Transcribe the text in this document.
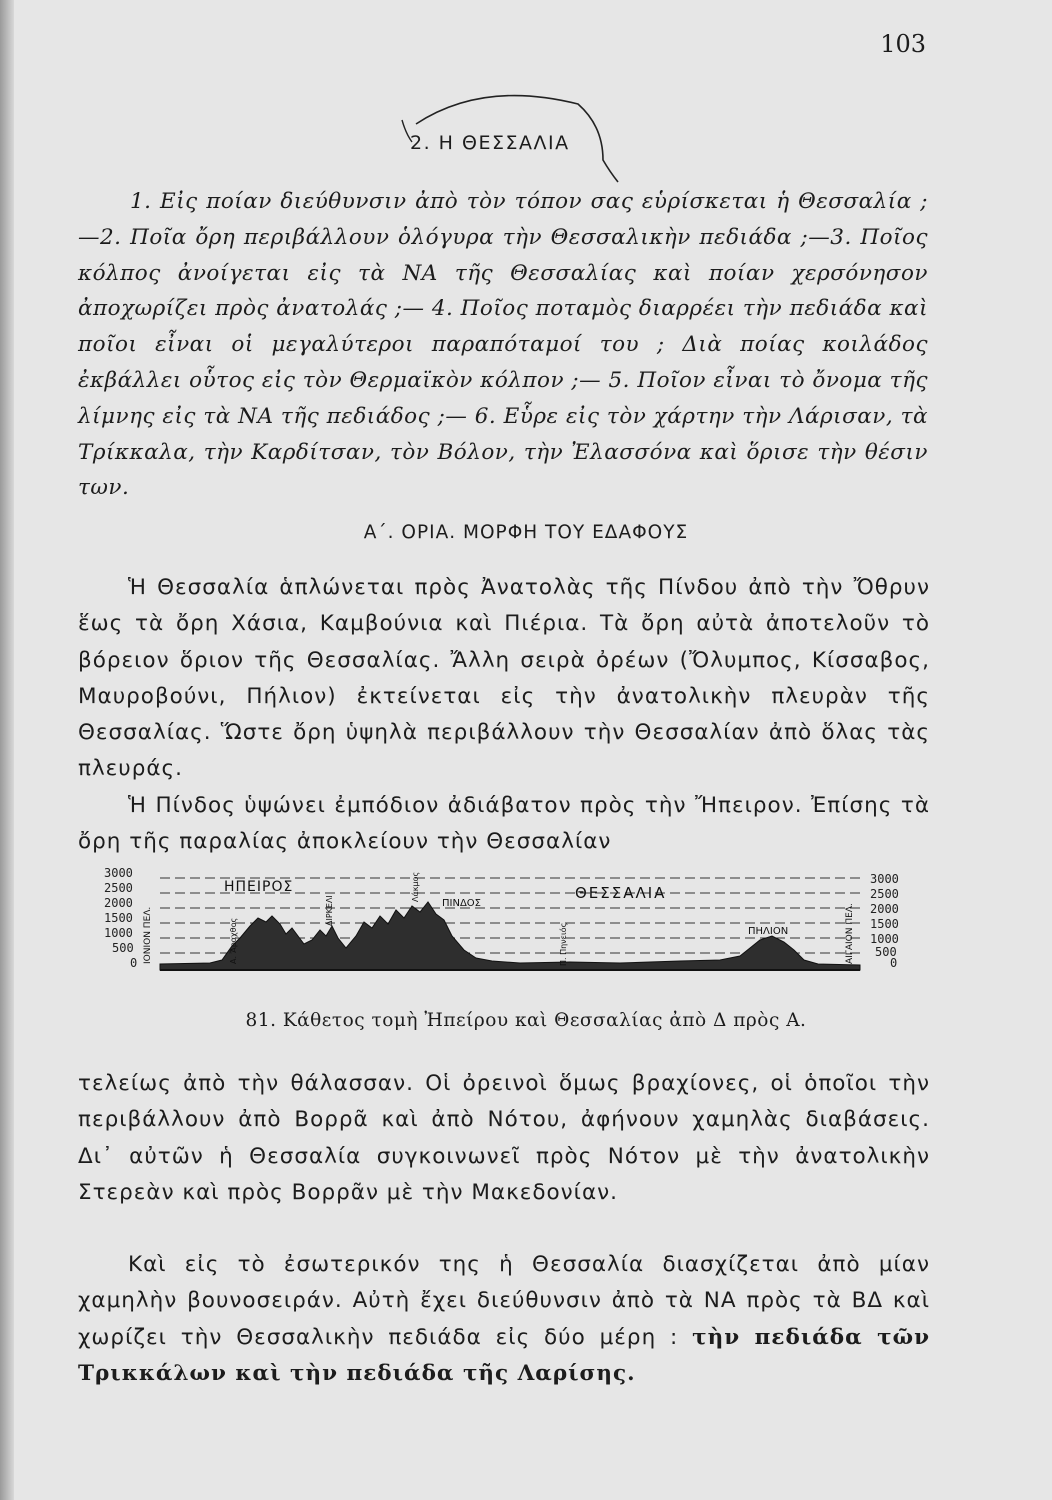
103
2. Η ΘΕΣΣΑΛΙΑ
1. Εἰς ποίαν διεύθυνσιν ἀπὸ τὸν τόπον σας εὑρίσκεται ἡ Θεσσαλία ;—2. Ποῖα ὄρη περιβάλλουν ὁλόγυρα τὴν Θεσσαλικὴν πεδιάδα ;—3. Ποῖος κόλπος ἀνοίγεται εἰς τὰ ΝΑ τῆς Θεσσαλίας καὶ ποίαν χερσόνησον ἀποχωρίζει πρὸς ἀνατολάς ;— 4. Ποῖος ποταμὸς διαρρέει τὴν πεδιάδα καὶ ποῖοι εἶναι οἱ μεγαλύτεροι παραπόταμοί του ; Διὰ ποίας κοιλάδος ἐκβάλλει οὗτος εἰς τὸν Θερμαϊκὸν κόλπον ;— 5. Ποῖον εἶναι τὸ ὄνομα τῆς λίμνης εἰς τὰ ΝΑ τῆς πεδιάδος ;— 6. Εὗρε εἰς τὸν χάρτην τὴν Λάρισαν, τὰ Τρίκκαλα, τὴν Καρδίτσαν, τὸν Βόλον, τὴν Ἐλασσόνα καὶ ὅρισε τὴν θέσιν των.
Α΄. ΟΡΙΑ. ΜΟΡΦΗ ΤΟΥ ΕΔΑΦΟΥΣ

Ἡ Θεσσαλία ἁπλώνεται πρὸς Ἀνατολὰς τῆς Πίνδου ἀπὸ τὴν Ὄθρυν ἕως τὰ ὄρη Χάσια, Καμβούνια καὶ Πιέρια. Τὰ ὄρη αὐτὰ ἀποτελοῦν τὸ βόρειον ὅριον τῆς Θεσσαλίας. Ἄλλη σειρὰ ὀρέων (Ὄλυμπος, Κίσσαβος, Μαυροβούνι, Πήλιον) ἐκτείνεται εἰς τὴν ἀνατολικὴν πλευρὰν τῆς Θεσσαλίας. Ὥστε ὄρη ὑψηλὰ περιβάλλουν τὴν Θεσσαλίαν ἀπὸ ὅλας τὰς πλευράς.

Ἡ Πίνδος ὑψώνει ἐμπόδιον ἀδιάβατον πρὸς τὴν Ἤπειρον. Ἐπίσης τὰ ὄρη τῆς παραλίας ἀποκλείουν τὴν Θεσσαλίαν

3000
2500
2000
1500
1000
500
0
3000
2500
2000
1500
1000
500
0
ΗΠΕΙΡΟΣ	ΘΕΣΣΑΛΙΑ
ΠΙΝΔΟΣ
ΠΗΛΙΟΝ
ΙΟΝΙΟΝ ΠΕΛ.	ΑΙΓΑΙΟΝ ΠΕΛ.
Α. Ἄραχθος
ΔΙΡΚΕΛΙ
Λάκμος
Π. Πηνειός
81. Κάθετος τομὴ Ἠπείρου καὶ Θεσσαλίας ἀπὸ Δ πρὸς Α.

τελείως ἀπὸ τὴν θάλασσαν. Οἱ ὀρεινοὶ ὅμως βραχίονες, οἱ ὁποῖοι τὴν περιβάλλουν ἀπὸ Βορρᾶ καὶ ἀπὸ Νότου, ἀφήνουν χαμηλὰς διαβάσεις. Δι᾽ αὐτῶν ἡ Θεσσαλία συγκοινωνεῖ πρὸς Νότον μὲ τὴν ἀνατολικὴν Στερεὰν καὶ πρὸς Βορρᾶν μὲ τὴν Μακεδονίαν.

Καὶ εἰς τὸ ἐσωτερικόν της ἡ Θεσσαλία διασχίζεται ἀπὸ μίαν χαμηλὴν βουνοσειράν. Αὐτὴ ἔχει διεύθυνσιν ἀπὸ τὰ ΝΑ πρὸς τὰ ΒΔ καὶ χωρίζει τὴν Θεσσαλικὴν πεδιάδα εἰς δύο μέρη : τὴν πεδιάδα τῶν Τρικκάλων καὶ τὴν πεδιάδα τῆς Λαρίσης.
